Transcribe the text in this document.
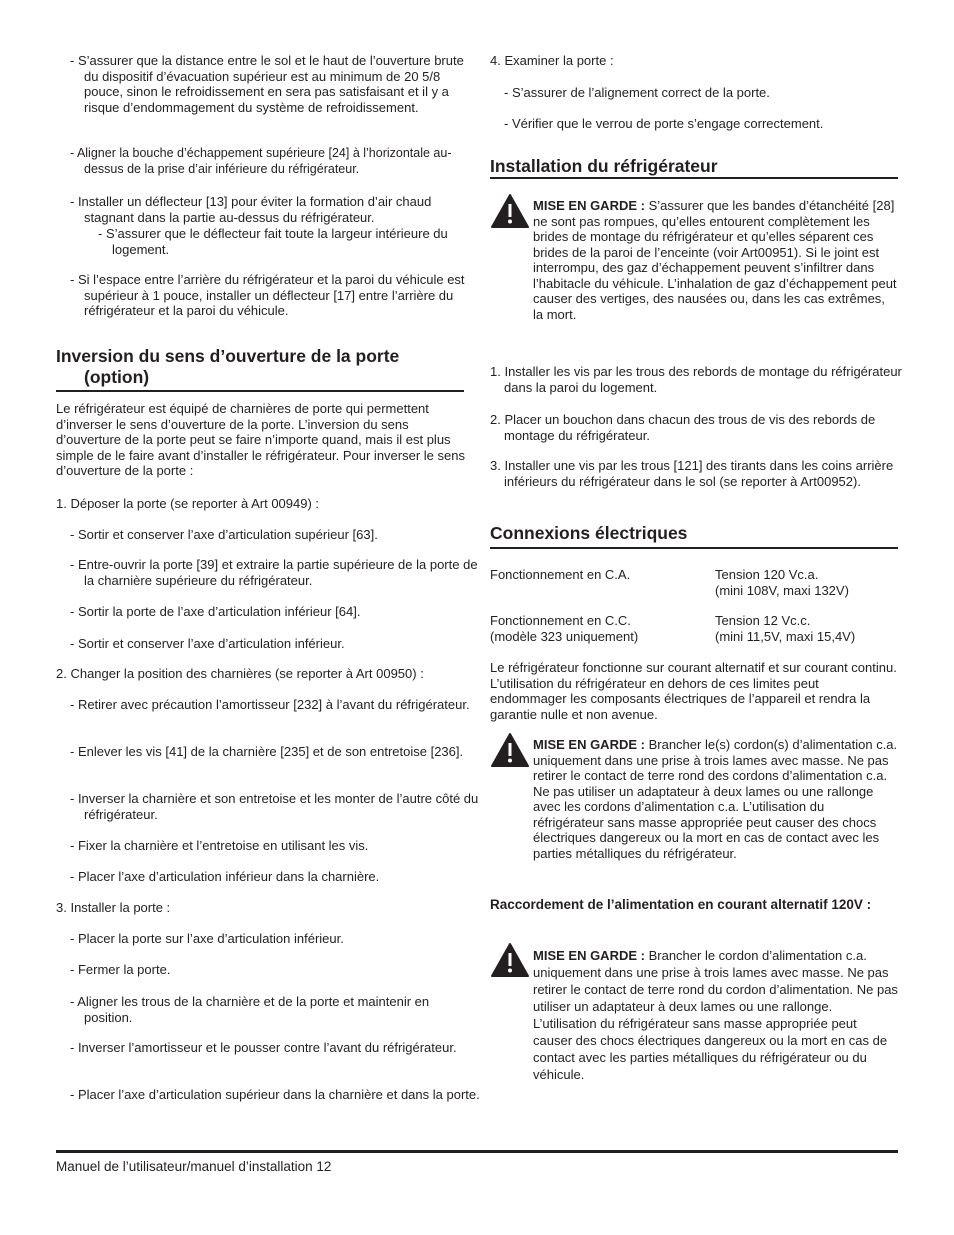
- S’assurer que la distance entre le sol et le haut de l’ouverture brute du dispositif d’évacuation supérieur est au minimum de 20 5/8 pouce, sinon le refroidissement en sera pas satisfaisant et il y a risque d’endommagement du système de refroidissement.

- Aligner la bouche d’échappement supérieure [24] à l’horizontale au-dessus de la prise d’air inférieure du réfrigérateur.

- Installer un déflecteur [13] pour éviter la formation d’air chaud stagnant dans la partie au-dessus du réfrigérateur.

- S’assurer que le déflecteur fait toute la largeur intérieure du logement.

- Si l’espace entre l’arrière du réfrigérateur et la paroi du véhicule est supérieur à 1 pouce, installer un déflecteur [17] entre l’arrière du réfrigérateur et la paroi du véhicule.

Inversion du sens d’ouverture de la porte
(option)

Le réfrigérateur est équipé de charnières de porte qui permettent d’inverser le sens d’ouverture de la porte. L’inversion du sens d’ouverture de la porte peut se faire n’importe quand, mais il est plus simple de le faire avant d’installer le réfrigérateur. Pour inverser le sens d’ouverture de la porte :

1. Déposer la porte (se reporter à Art 00949) :

- Sortir et conserver l’axe d’articulation supérieur [63].

- Entre-ouvrir la porte [39] et extraire la partie supérieure de la porte de la charnière supérieure du réfrigérateur.

- Sortir la porte de l’axe d’articulation inférieur [64].

- Sortir et conserver l’axe d’articulation inférieur.

2. Changer la position des charnières (se reporter à Art 00950) :

- Retirer avec précaution l’amortisseur [232] à l’avant du réfrigérateur.

- Enlever les vis [41] de la charnière [235] et de son entretoise [236].

- Inverser la charnière et son entretoise et les monter de l’autre côté du réfrigérateur.

- Fixer la charnière et l’entretoise en utilisant les vis.

- Placer l’axe d’articulation inférieur dans la charnière.

3. Installer la porte :

- Placer la porte sur l’axe d’articulation inférieur.

- Fermer la porte.

- Aligner les trous de la charnière et de la porte et maintenir en position.

- Inverser l’amortisseur et le pousser contre l’avant du réfrigérateur.

- Placer l’axe d’articulation supérieur dans la charnière et dans la porte.

4. Examiner la porte :

- S’assurer de l’alignement correct de la porte.

- Vérifier que le verrou de porte s’engage correctement.

Installation du réfrigérateur

MISE EN GARDE : S’assurer que les bandes d’étanchéité [28] ne sont pas rompues, qu’elles entourent complètement les brides de montage du réfrigérateur et qu’elles séparent ces brides de la paroi de l’enceinte (voir Art00951). Si le joint est interrompu, des gaz d’échappement peuvent s’infiltrer dans l’habitacle du véhicule. L’inhalation de gaz d’échappement peut causer des vertiges, des nausées ou, dans les cas extrêmes, la mort.

1. Installer les vis par les trous des rebords de montage du réfrigérateur dans la paroi du logement.

2. Placer un bouchon dans chacun des trous de vis des rebords de montage du réfrigérateur.

3. Installer une vis par les trous [121] des tirants dans les coins arrière inférieurs du réfrigérateur dans le sol (se reporter à Art00952).

Connexions électriques

Fonctionnement en C.A.	Tension 120 Vc.a.
(mini 108V, maxi 132V)
Fonctionnement en C.C.
(modèle 323 uniquement)
Tension 12 Vc.c.
(mini 11,5V, maxi 15,4V)

Le réfrigérateur fonctionne sur courant alternatif et sur courant continu. L’utilisation du réfrigérateur en dehors de ces limites peut endommager les composants électriques de l’appareil et rendra la garantie nulle et non avenue.

MISE EN GARDE : Brancher le(s) cordon(s) d’alimentation c.a. uniquement dans une prise à trois lames avec masse. Ne pas retirer le contact de terre rond des cordons d’alimentation c.a. Ne pas utiliser un adaptateur à deux lames ou une rallonge avec les cordons d’alimentation c.a. L’utilisation du réfrigérateur sans masse appropriée peut causer des chocs électriques dangereux ou la mort en cas de contact avec les parties métalliques du réfrigérateur.

Raccordement de l’alimentation en courant alternatif 120V :

MISE EN GARDE : Brancher le cordon d’alimentation c.a. uniquement dans une prise à trois lames avec masse. Ne pas retirer le contact de terre rond du cordon d’alimentation. Ne pas utiliser un adaptateur à deux lames ou une rallonge. L’utilisation du réfrigérateur sans masse appropriée peut causer des chocs électriques dangereux ou la mort en cas de contact avec les parties métalliques du réfrigérateur ou du véhicule.

Manuel de l’utilisateur/manuel d’installation 12
